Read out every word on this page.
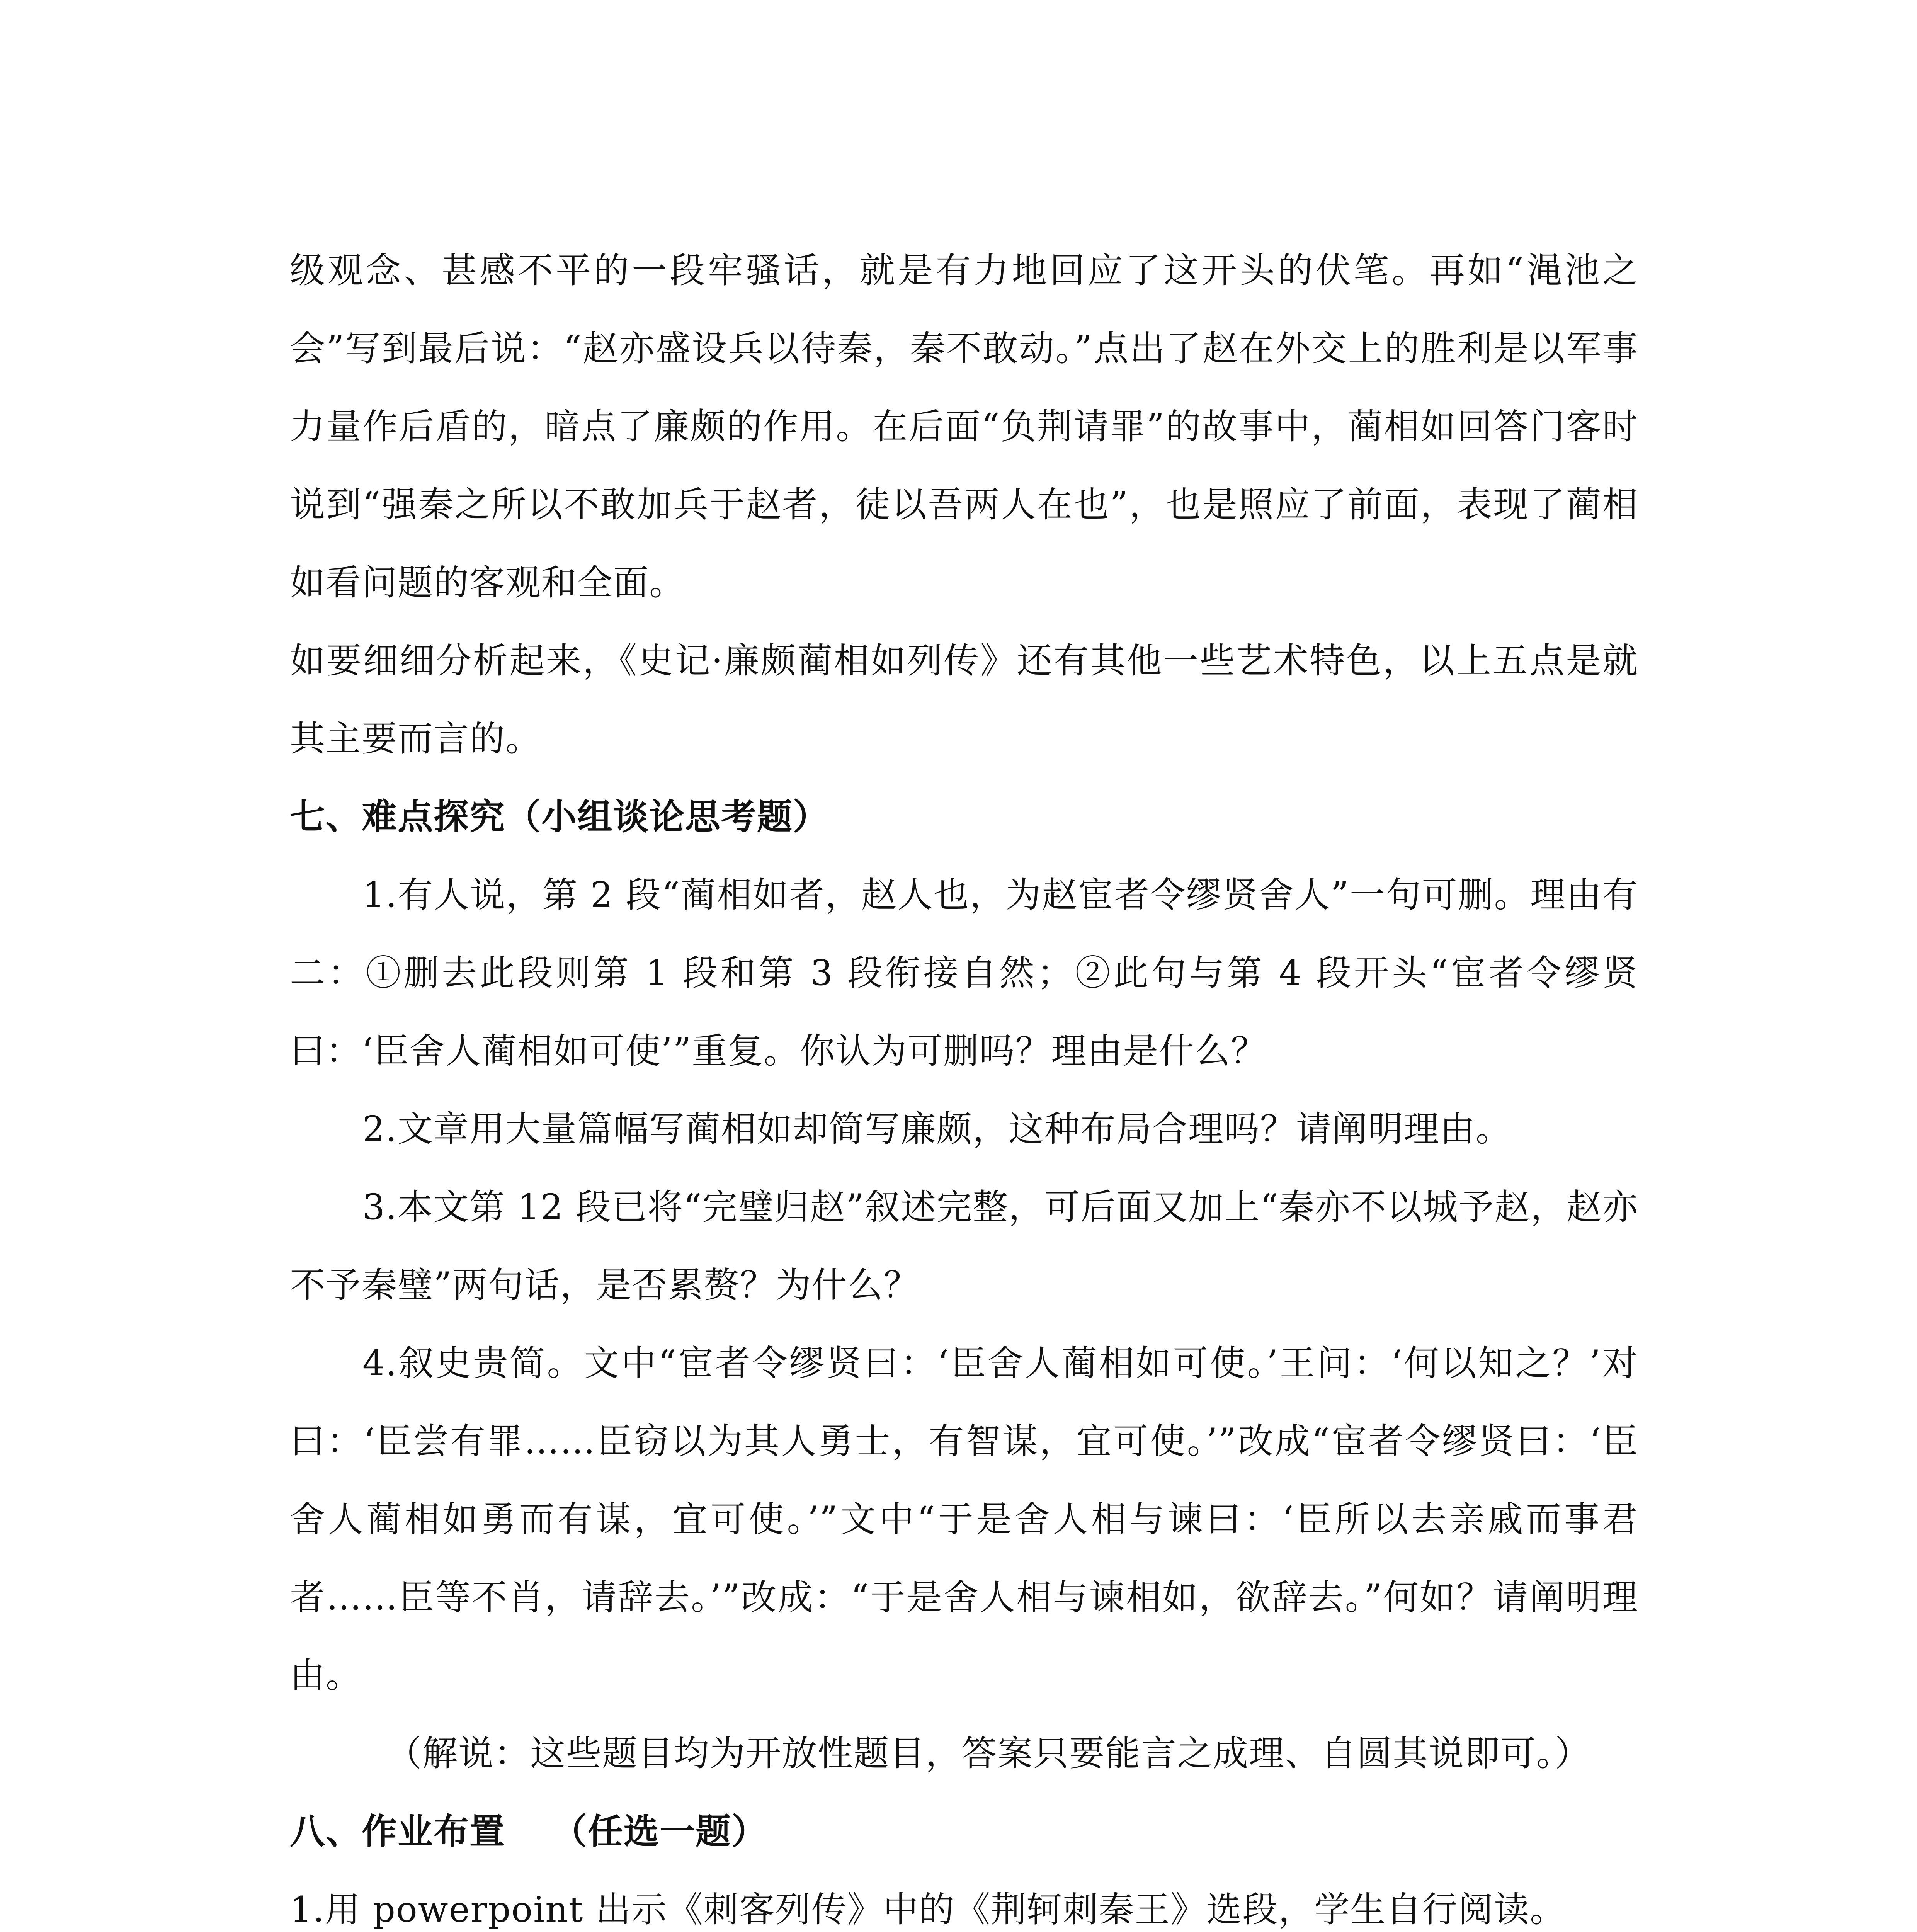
级观念、甚感不平的一段牢骚话，就是有力地回应了这开头的伏笔。再如“渑池之会”写到最后说：“赵亦盛设兵以待秦，秦不敢动。”点出了赵在外交上的胜利是以军事力量作后盾的，暗点了廉颇的作用。在后面“负荆请罪”的故事中，蔺相如回答门客时说到“强秦之所以不敢加兵于赵者，徒以吾两人在也”，也是照应了前面，表现了蔺相如看问题的客观和全面。

如要细细分析起来，《史记·廉颇蔺相如列传》还有其他一些艺术特色，以上五点是就其主要而言的。

七、难点探究（小组谈论思考题）

1.有人说，第 2 段“蔺相如者，赵人也，为赵宦者令缪贤舍人”一句可删。理由有二：①删去此段则第 1 段和第 3 段衔接自然；②此句与第 4 段开头“宦者令缪贤曰：‘臣舍人蔺相如可使’”重复。你认为可删吗？理由是什么？

2.文章用大量篇幅写蔺相如却简写廉颇，这种布局合理吗？请阐明理由。

3.本文第 12 段已将“完璧归赵”叙述完整，可后面又加上“秦亦不以城予赵，赵亦不予秦璧”两句话，是否累赘？为什么？

4.叙史贵简。文中“宦者令缪贤曰：‘臣舍人蔺相如可使。’王问：‘何以知之？’对曰：‘臣尝有罪……臣窃以为其人勇士，有智谋，宜可使。’”改成“宦者令缪贤曰：‘臣舍人蔺相如勇而有谋，宜可使。’”文中“于是舍人相与谏曰：‘臣所以去亲戚而事君者……臣等不肖，请辞去。’”改成：“于是舍人相与谏相如，欲辞去。”何如？请阐明理由。

（解说：这些题目均为开放性题目，答案只要能言之成理、自圆其说即可。）

八、作业布置 （任选一题）

1.用 powerpoint 出示《刺客列传》中的《荆轲刺秦王》选段，学生自行阅读。
